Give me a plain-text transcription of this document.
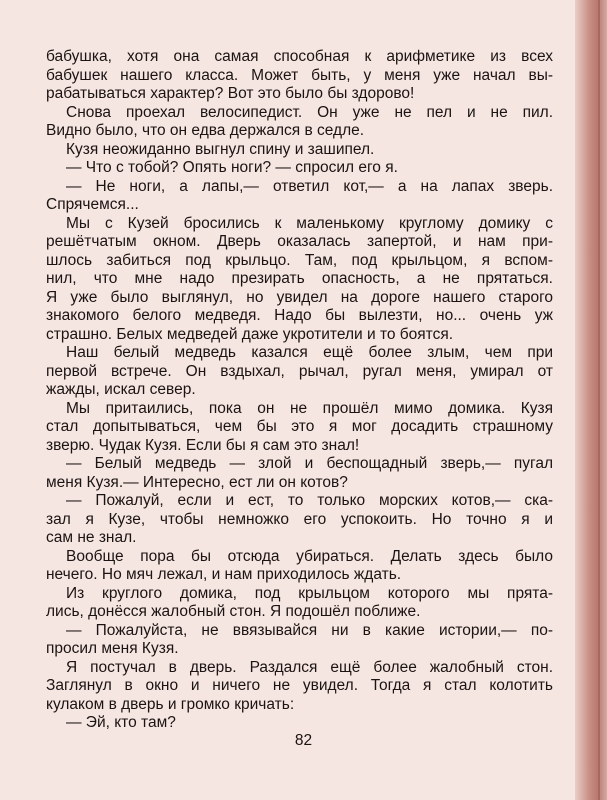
бабушка, хотя она самая способная к арифметике из всех
бабушек нашего класса. Может быть, у меня уже начал вы-
рабатываться характер? Вот это было бы здорово!
Снова проехал велосипедист. Он уже не пел и не пил.
Видно было, что он едва держался в седле.
Кузя неожиданно выгнул спину и зашипел.
— Что с тобой? Опять ноги? — спросил его я.
— Не ноги, а лапы,— ответил кот,— а на лапах зверь.
Спрячемся...
Мы с Кузей бросились к маленькому круглому домику с
решётчатым окном. Дверь оказалась запертой, и нам при-
шлось забиться под крыльцо. Там, под крыльцом, я вспом-
нил, что мне надо презирать опасность, а не прятаться.
Я уже было выглянул, но увидел на дороге нашего старого
знакомого белого медведя. Надо бы вылезти, но... очень уж
страшно. Белых медведей даже укротители и то боятся.
Наш белый медведь казался ещё более злым, чем при
первой встрече. Он вздыхал, рычал, ругал меня, умирал от
жажды, искал север.
Мы притаились, пока он не прошёл мимо домика. Кузя
стал допытываться, чем бы это я мог досадить страшному
зверю. Чудак Кузя. Если бы я сам это знал!
— Белый медведь — злой и беспощадный зверь,— пугал
меня Кузя.— Интересно, ест ли он котов?
— Пожалуй, если и ест, то только морских котов,— ска-
зал я Кузе, чтобы немножко его успокоить. Но точно я и
сам не знал.
Вообще пора бы отсюда убираться. Делать здесь было
нечего. Но мяч лежал, и нам приходилось ждать.
Из круглого домика, под крыльцом которого мы прята-
лись, донёсся жалобный стон. Я подошёл поближе.
— Пожалуйста, не ввязывайся ни в какие истории,— по-
просил меня Кузя.
Я постучал в дверь. Раздался ещё более жалобный стон.
Заглянул в окно и ничего не увидел. Тогда я стал колотить
кулаком в дверь и громко кричать:
— Эй, кто там?
82
